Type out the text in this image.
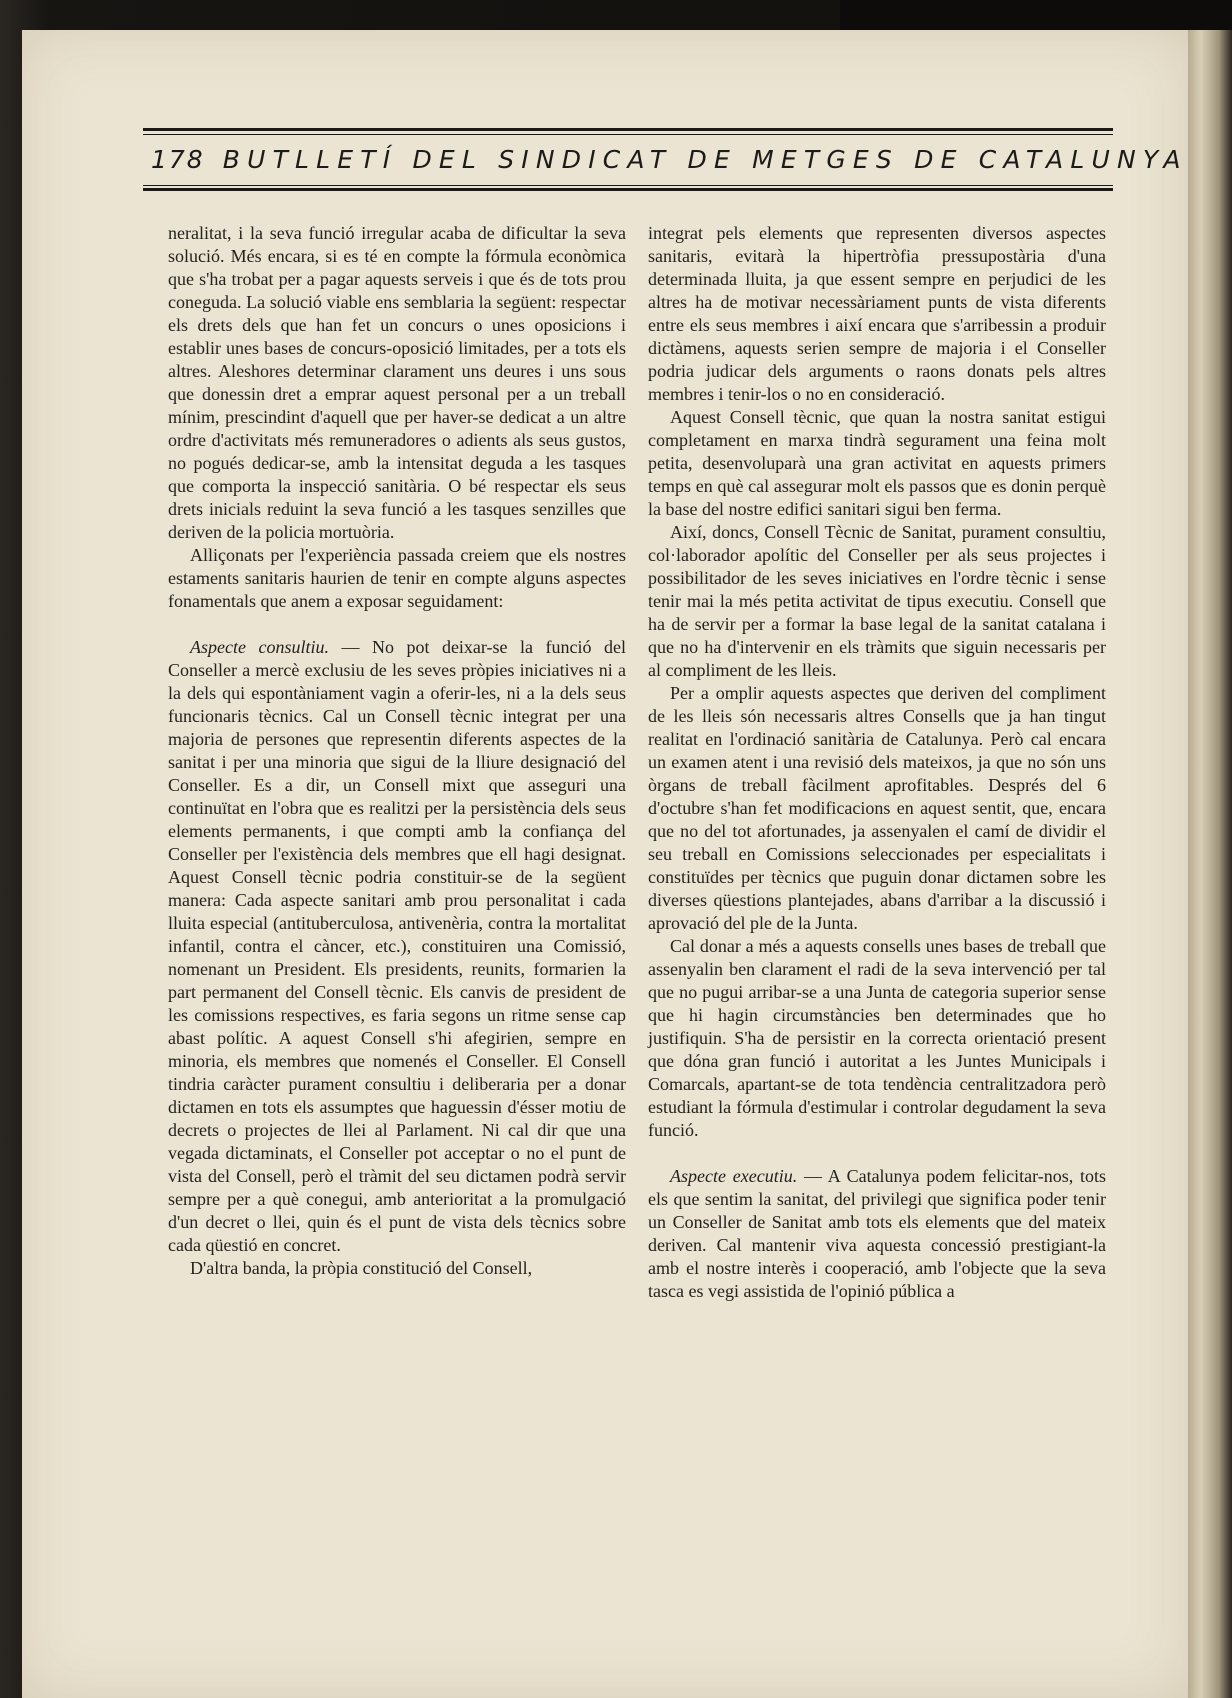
178 BUTLLETÍ DEL SINDICAT DE METGES DE CATALUNYA

neralitat, i la seva funció irregular acaba de dificultar la seva solució. Més encara, si es té en compte la fórmula econòmica que s'ha trobat per a pagar aquests serveis i que és de tots prou coneguda. La solució viable ens semblaria la següent: respectar els drets dels que han fet un concurs o unes oposicions i establir unes bases de concurs-oposició limitades, per a tots els altres. Aleshores determinar clarament uns deures i uns sous que donessin dret a emprar aquest personal per a un treball mínim, prescindint d'aquell que per haver-se dedicat a un altre ordre d'activitats més remuneradores o adients als seus gustos, no pogués dedicar-se, amb la intensitat deguda a les tasques que comporta la inspecció sanitària. O bé respectar els seus drets inicials reduint la seva funció a les tasques senzilles que deriven de la policia mortuòria.

Alliçonats per l'experiència passada creiem que els nostres estaments sanitaris haurien de tenir en compte alguns aspectes fonamentals que anem a exposar seguidament:

Aspecte consultiu. — No pot deixar-se la funció del Conseller a mercè exclusiu de les seves pròpies iniciatives ni a la dels qui espontàniament vagin a oferir-les, ni a la dels seus funcionaris tècnics. Cal un Consell tècnic integrat per una majoria de persones que representin diferents aspectes de la sanitat i per una minoria que sigui de la lliure designació del Conseller. Es a dir, un Consell mixt que asseguri una continuïtat en l'obra que es realitzi per la persistència dels seus elements permanents, i que compti amb la confiança del Conseller per l'existència dels membres que ell hagi designat. Aquest Consell tècnic podria constituir-se de la següent manera: Cada aspecte sanitari amb prou personalitat i cada lluita especial (antituberculosa, antivenèria, contra la mortalitat infantil, contra el càncer, etc.), constituiren una Comissió, nomenant un President. Els presidents, reunits, formarien la part permanent del Consell tècnic. Els canvis de president de les comissions respectives, es faria segons un ritme sense cap abast polític. A aquest Consell s'hi afegirien, sempre en minoria, els membres que nomenés el Conseller. El Consell tindria caràcter purament consultiu i deliberaria per a donar dictamen en tots els assumptes que haguessin d'ésser motiu de decrets o projectes de llei al Parlament. Ni cal dir que una vegada dictaminats, el Conseller pot acceptar o no el punt de vista del Consell, però el tràmit del seu dictamen podrà servir sempre per a què conegui, amb anterioritat a la promulgació d'un decret o llei, quin és el punt de vista dels tècnics sobre cada qüestió en concret.

D'altra banda, la pròpia constitució del Consell,

integrat pels elements que representen diversos aspectes sanitaris, evitarà la hipertròfia pressupostària d'una determinada lluita, ja que essent sempre en perjudici de les altres ha de motivar necessàriament punts de vista diferents entre els seus membres i així encara que s'arribessin a produir dictàmens, aquests serien sempre de majoria i el Conseller podria judicar dels arguments o raons donats pels altres membres i tenir-los o no en consideració.

Aquest Consell tècnic, que quan la nostra sanitat estigui completament en marxa tindrà segurament una feina molt petita, desenvoluparà una gran activitat en aquests primers temps en què cal assegurar molt els passos que es donin perquè la base del nostre edifici sanitari sigui ben ferma.

Així, doncs, Consell Tècnic de Sanitat, purament consultiu, col·laborador apolític del Conseller per als seus projectes i possibilitador de les seves iniciatives en l'ordre tècnic i sense tenir mai la més petita activitat de tipus executiu. Consell que ha de servir per a formar la base legal de la sanitat catalana i que no ha d'intervenir en els tràmits que siguin necessaris per al compliment de les lleis.

Per a omplir aquests aspectes que deriven del compliment de les lleis són necessaris altres Consells que ja han tingut realitat en l'ordinació sanitària de Catalunya. Però cal encara un examen atent i una revisió dels mateixos, ja que no són uns òrgans de treball fàcilment aprofitables. Després del 6 d'octubre s'han fet modificacions en aquest sentit, que, encara que no del tot afortunades, ja assenyalen el camí de dividir el seu treball en Comissions seleccionades per especialitats i constituïdes per tècnics que puguin donar dictamen sobre les diverses qüestions plantejades, abans d'arribar a la discussió i aprovació del ple de la Junta.

Cal donar a més a aquests consells unes bases de treball que assenyalin ben clarament el radi de la seva intervenció per tal que no pugui arribar-se a una Junta de categoria superior sense que hi hagin circumstàncies ben determinades que ho justifiquin. S'ha de persistir en la correcta orientació present que dóna gran funció i autoritat a les Juntes Municipals i Comarcals, apartant-se de tota tendència centralitzadora però estudiant la fórmula d'estimular i controlar degudament la seva funció.

Aspecte executiu. — A Catalunya podem felicitar-nos, tots els que sentim la sanitat, del privilegi que significa poder tenir un Conseller de Sanitat amb tots els elements que del mateix deriven. Cal mantenir viva aquesta concessió prestigiant-la amb el nostre interès i cooperació, amb l'objecte que la seva tasca es vegi assistida de l'opinió pública a
